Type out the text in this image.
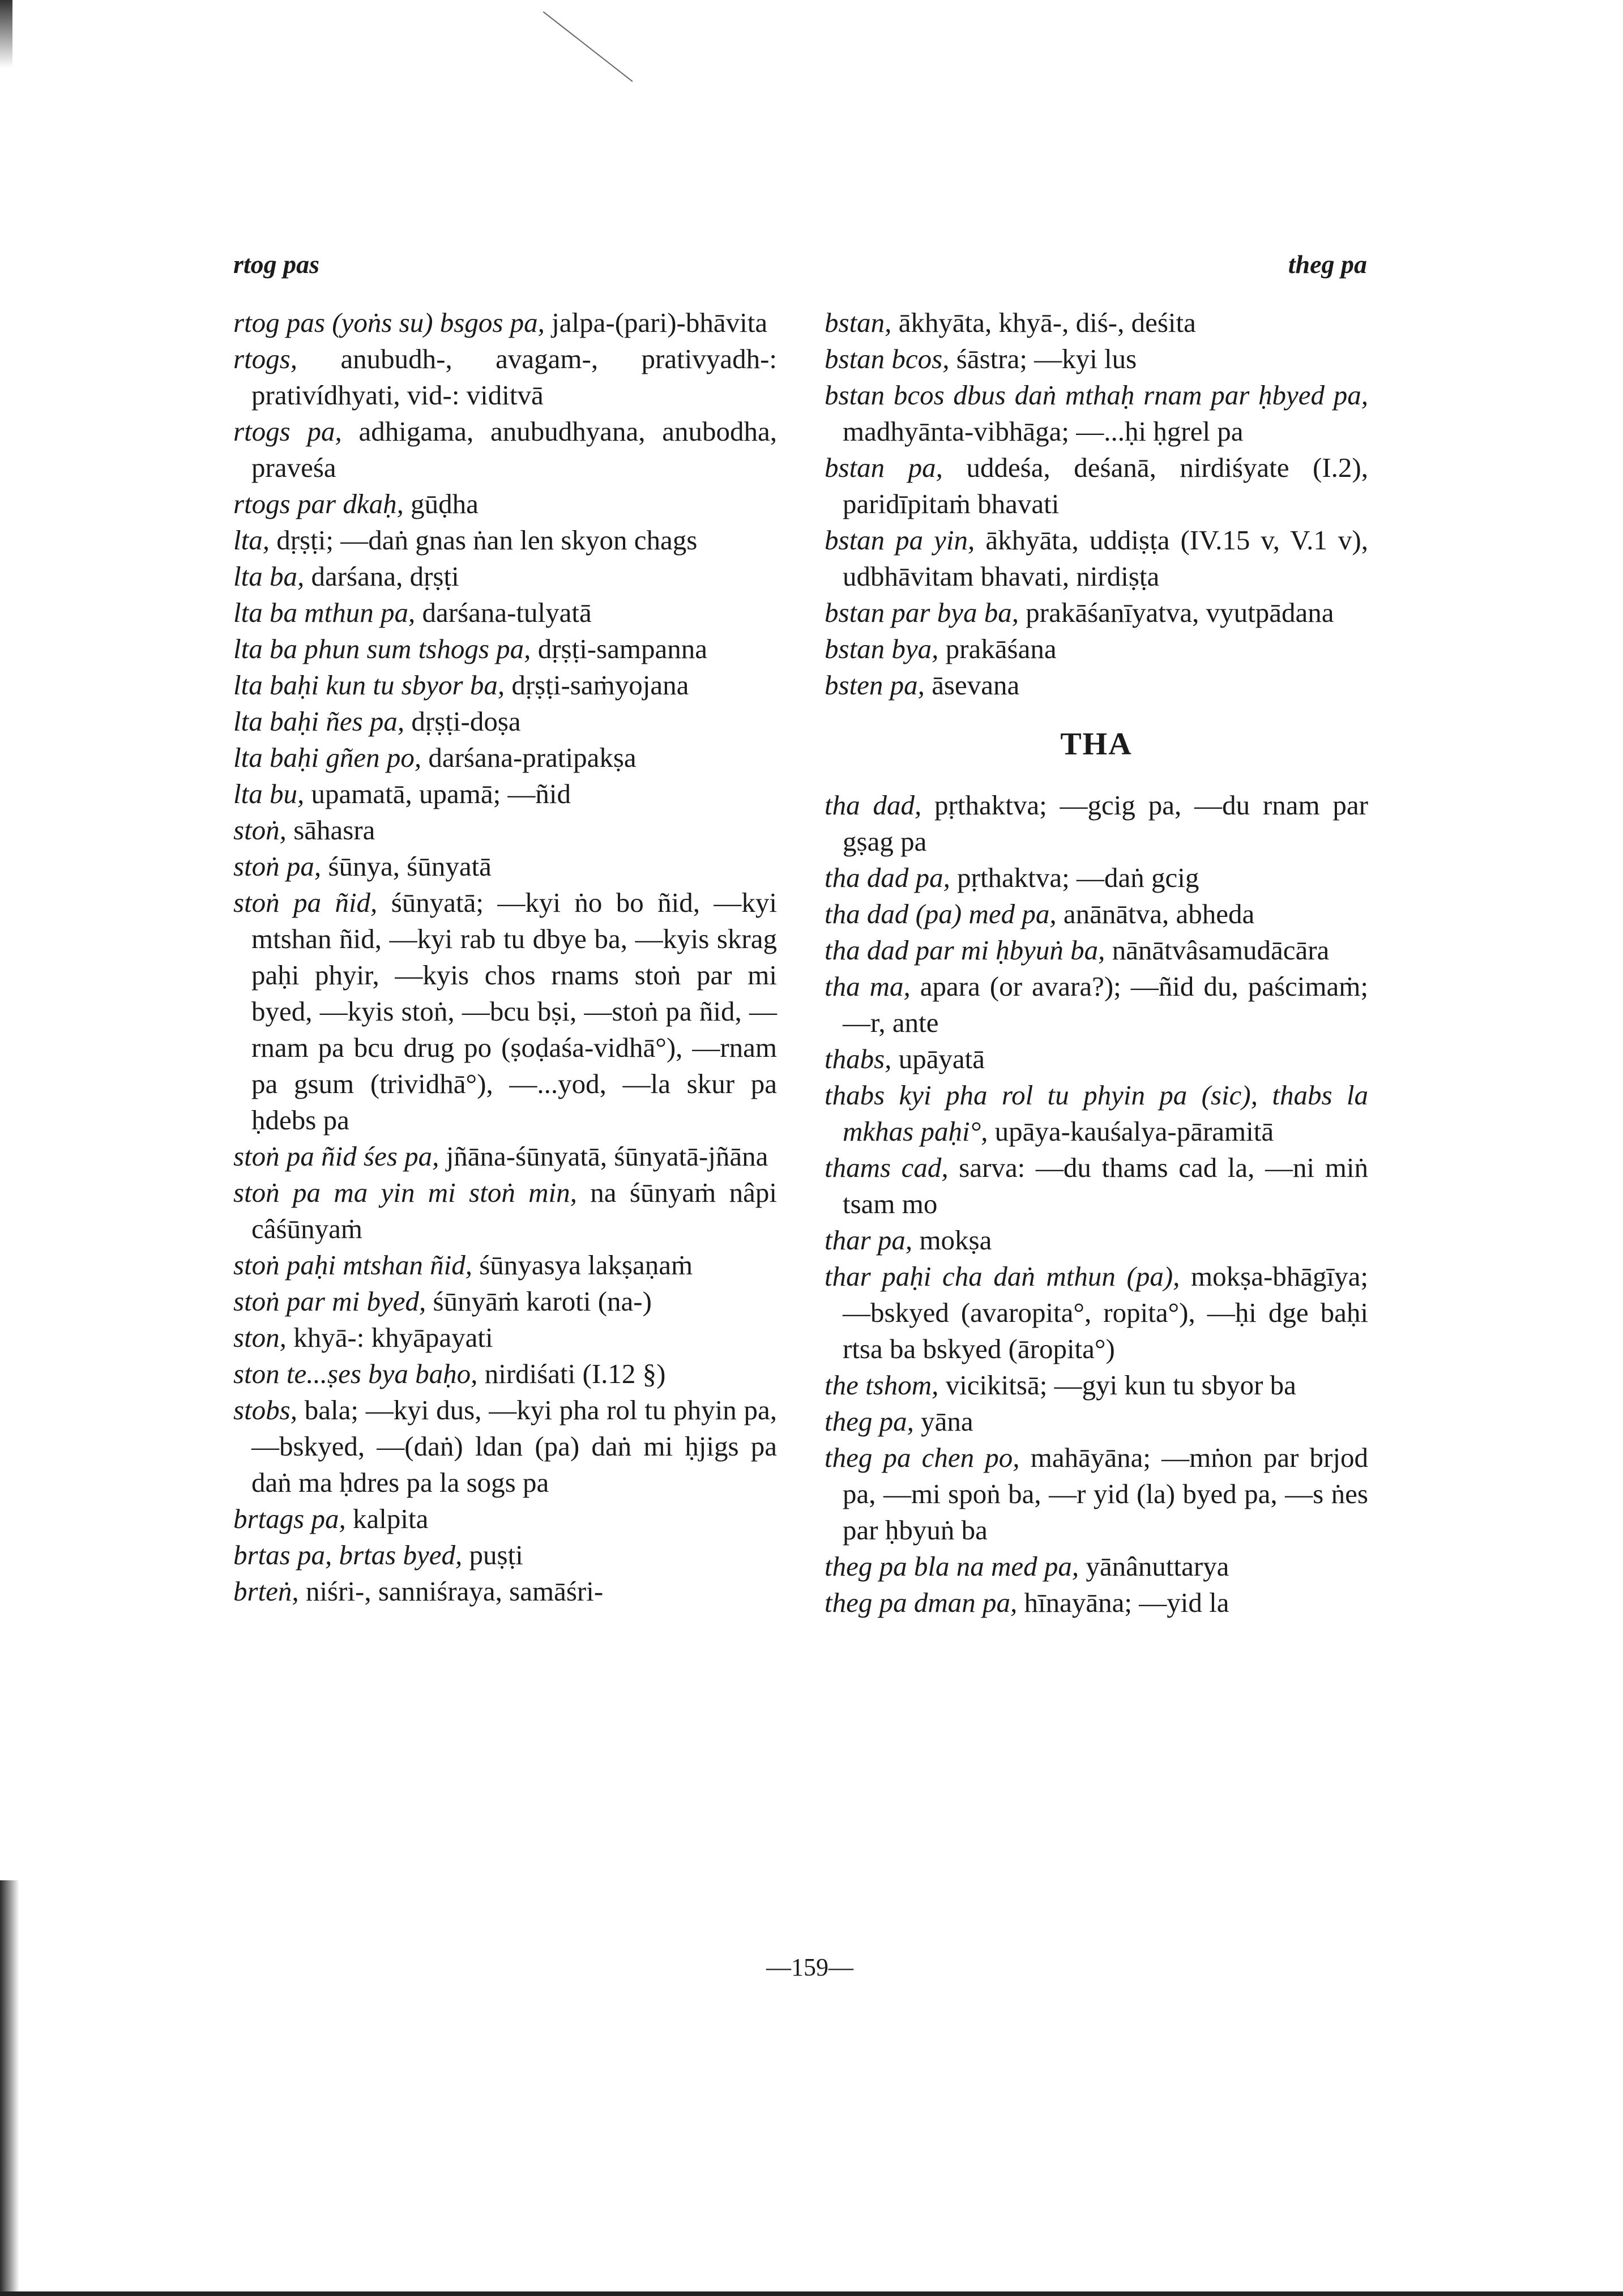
rtog pas	theg pa
rtog pas (yoṅs su) bsgos pa, jalpa-(pari)-bhāvita
rtogs, anubudh-, avagam-, prativyadh-: prativídhyati, vid-: viditvā
rtogs pa, adhigama, anubudhyana, anubodha, praveśa
rtogs par dkaḥ, gūḍha
lta, dṛṣṭi; —daṅ gnas ṅan len skyon chags
lta ba, darśana, dṛṣṭi
lta ba mthun pa, darśana-tulyatā
lta ba phun sum tshogs pa, dṛṣṭi-sampanna
lta baḥi kun tu sbyor ba, dṛṣṭi-saṁyojana
lta baḥi ñes pa, dṛṣṭi-doṣa
lta baḥi gñen po, darśana-pratipakṣa
lta bu, upamatā, upamā; —ñid
stoṅ, sāhasra
stoṅ pa, śūnya, śūnyatā
stoṅ pa ñid, śūnyatā; —kyi ṅo bo ñid, —kyi mtshan ñid, —kyi rab tu dbye ba, —kyis skrag paḥi phyir, —kyis chos rnams stoṅ par mi byed, —kyis stoṅ, —bcu bṣi, —stoṅ pa ñid, —rnam pa bcu drug po (ṣoḍaśa-vidhā°), —rnam pa gsum (trividhā°), —...yod, —la skur pa ḥdebs pa
stoṅ pa ñid śes pa, jñāna-śūnyatā, śūnyatā-jñāna
stoṅ pa ma yin mi stoṅ min, na śūnyaṁ nâpi câśūnyaṁ
stoṅ paḥi mtshan ñid, śūnyasya lakṣaṇaṁ
stoṅ par mi byed, śūnyāṁ karoti (na-)
ston, khyā-: khyāpayati
ston te...ṣes bya baḥo, nirdiśati (I.12 §)
stobs, bala; —kyi dus, —kyi pha rol tu phyin pa, —bskyed, —(daṅ) ldan (pa) daṅ mi ḥjigs pa daṅ ma ḥdres pa la sogs pa
brtags pa, kalpita
brtas pa, brtas byed, puṣṭi
brteṅ, niśri-, sanniśraya, samāśri-
bstan, ākhyāta, khyā-, diś-, deśita
bstan bcos, śāstra; —kyi lus
bstan bcos dbus daṅ mthaḥ rnam par ḥbyed pa, madhyānta-vibhāga; —...ḥi ḥgrel pa
bstan pa, uddeśa, deśanā, nirdiśyate (I.2), paridīpitaṁ bhavati
bstan pa yin, ākhyāta, uddiṣṭa (IV.15 v, V.1 v), udbhāvitam bhavati, nirdiṣṭa
bstan par bya ba, prakāśanīyatva, vyutpādana
bstan bya, prakāśana
bsten pa, āsevana
THA
tha dad, pṛthaktva; —gcig pa, —du rnam par gṣag pa
tha dad pa, pṛthaktva; —daṅ gcig
tha dad (pa) med pa, anānātva, abheda
tha dad par mi ḥbyuṅ ba, nānātvâsamudācāra
tha ma, apara (or avara?); —ñid du, paścimaṁ; —r, ante
thabs, upāyatā
thabs kyi pha rol tu phyin pa (sic), thabs la mkhas paḥi°, upāya-kauśalya-pāramitā
thams cad, sarva: —du thams cad la, —ni miṅ tsam mo
thar pa, mokṣa
thar paḥi cha daṅ mthun (pa), mokṣa-bhāgīya; —bskyed (avaropita°, ropita°), —ḥi dge baḥi rtsa ba bskyed (āropita°)
the tshom, vicikitsā; —gyi kun tu sbyor ba
theg pa, yāna
theg pa chen po, mahāyāna; —mṅon par brjod pa, —mi spoṅ ba, —r yid (la) byed pa, —s ṅes par ḥbyuṅ ba
theg pa bla na med pa, yānânuttarya
theg pa dman pa, hīnayāna; —yid la
—159—
